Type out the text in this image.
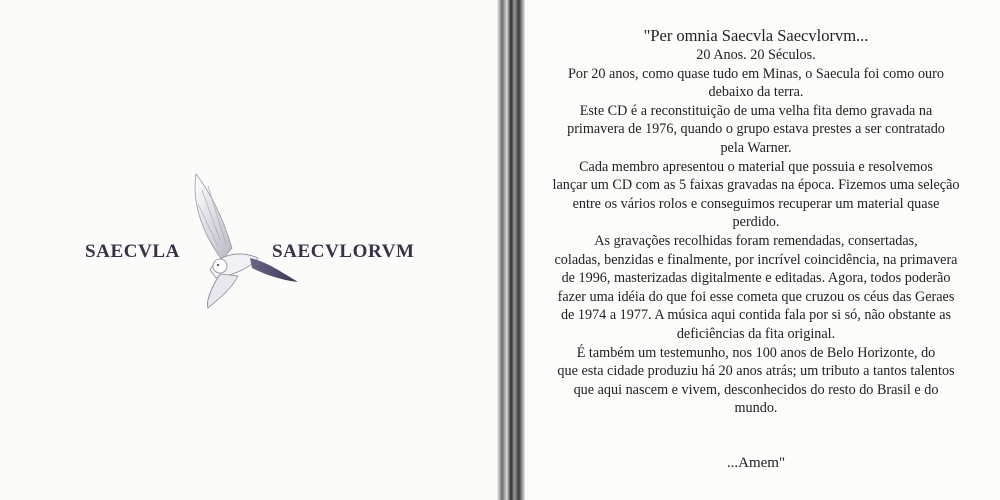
SAECVLA	SAECVLORVM

"Per omnia Saecvla Saecvlorvm...

20 Anos. 20 Séculos.

Por 20 anos, como quase tudo em Minas, o Saecula foi como ouro

debaixo da terra.

Este CD é a reconstituição de uma velha fita demo gravada na

primavera de 1976, quando o grupo estava prestes a ser contratado

pela Warner.

Cada membro apresentou o material que possuia e resolvemos

lançar um CD com as 5 faixas gravadas na época. Fizemos uma seleção

entre os vários rolos e conseguimos recuperar um material quase

perdido.

As gravações recolhidas foram remendadas, consertadas,

coladas, benzidas e finalmente, por incrível coincidência, na primavera

de 1996, masterizadas digitalmente e editadas. Agora, todos poderão

fazer uma idéia do que foi esse cometa que cruzou os céus das Geraes

de 1974 a 1977. A música aqui contida fala por si só, não obstante as

deficiências da fita original.

É também um testemunho, nos 100 anos de Belo Horizonte, do

que esta cidade produziu há 20 anos atrás; um tributo a tantos talentos

que aqui nascem e vivem, desconhecidos do resto do Brasil e do

mundo.

...Amem"
